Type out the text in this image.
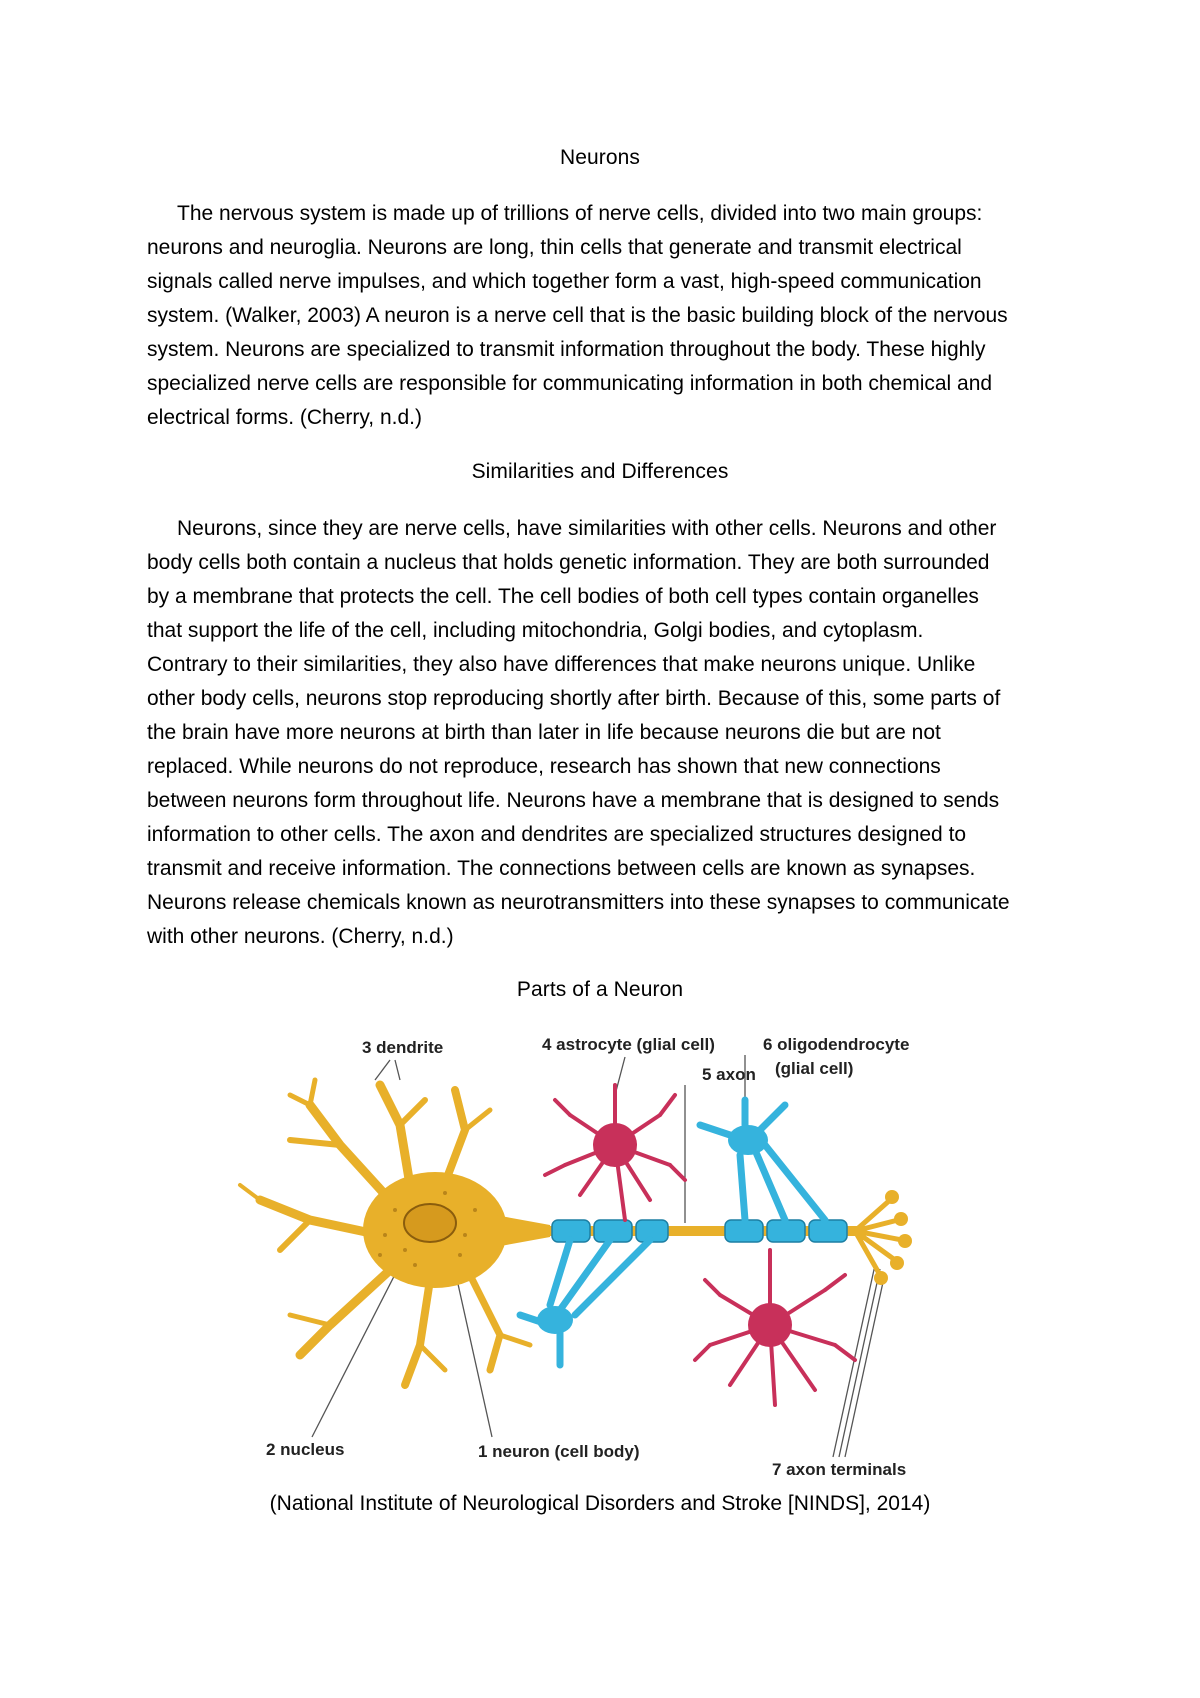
Neurons
The nervous system is made up of trillions of nerve cells, divided into two main groups:
neurons and neuroglia. Neurons are long, thin cells that generate and transmit electrical
signals called nerve impulses, and which together form a vast, high-speed communication
system. (Walker, 2003) A neuron is a nerve cell that is the basic building block of the nervous
system. Neurons are specialized to transmit information throughout the body. These highly
specialized nerve cells are responsible for communicating information in both chemical and
electrical forms. (Cherry, n.d.)
Similarities and Differences
Neurons, since they are nerve cells, have similarities with other cells. Neurons and other
body cells both contain a nucleus that holds genetic information. They are both surrounded
by a membrane that protects the cell. The cell bodies of both cell types contain organelles
that support the life of the cell, including mitochondria, Golgi bodies, and cytoplasm.
Contrary to their similarities, they also have differences that make neurons unique. Unlike
other body cells, neurons stop reproducing shortly after birth. Because of this, some parts of
the brain have more neurons at birth than later in life because neurons die but are not
replaced. While neurons do not reproduce, research has shown that new connections
between neurons form throughout life. Neurons have a membrane that is designed to sends
information to other cells. The axon and dendrites are specialized structures designed to
transmit and receive information. The connections between cells are known as synapses.
Neurons release chemicals known as neurotransmitters into these synapses to communicate
with other neurons. (Cherry, n.d.)
Parts of a Neuron
3 dendrite	4 astrocyte (glial cell)
5 axon
6 oligodendrocyte
(glial cell)
2 nucleus	1 neuron (cell body)
7 axon terminals
(National Institute of Neurological Disorders and Stroke [NINDS], 2014)
